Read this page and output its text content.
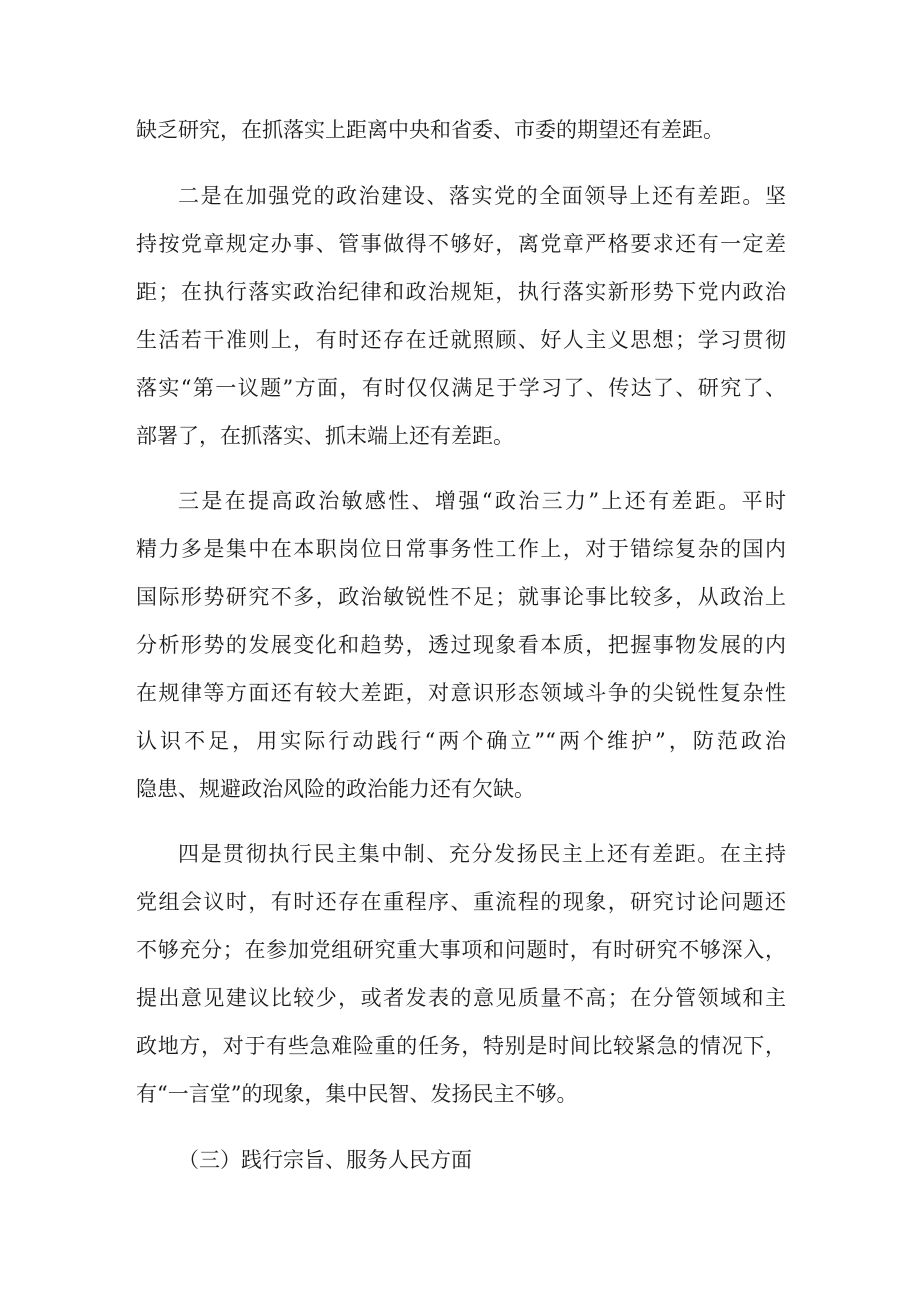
缺乏研究，在抓落实上距离中央和省委、市委的期望还有差距。
二是在加强党的政治建设、落实党的全面领导上还有差距。坚
持按党章规定办事、管事做得不够好，离党章严格要求还有一定差
距；在执行落实政治纪律和政治规矩，执行落实新形势下党内政治
生活若干准则上，有时还存在迁就照顾、好人主义思想；学习贯彻
落实“第一议题”方面，有时仅仅满足于学习了、传达了、研究了、
部署了，在抓落实、抓末端上还有差距。
三是在提高政治敏感性、增强“政治三力”上还有差距。平时
精力多是集中在本职岗位日常事务性工作上，对于错综复杂的国内
国际形势研究不多，政治敏锐性不足；就事论事比较多，从政治上
分析形势的发展变化和趋势，透过现象看本质，把握事物发展的内
在规律等方面还有较大差距，对意识形态领域斗争的尖锐性复杂性
认识不足，用实际行动践行“两个确立”“两个维护”，防范政治
隐患、规避政治风险的政治能力还有欠缺。
四是贯彻执行民主集中制、充分发扬民主上还有差距。在主持
党组会议时，有时还存在重程序、重流程的现象，研究讨论问题还
不够充分；在参加党组研究重大事项和问题时，有时研究不够深入，
提出意见建议比较少，或者发表的意见质量不高；在分管领域和主
政地方，对于有些急难险重的任务，特别是时间比较紧急的情况下，
有“一言堂”的现象，集中民智、发扬民主不够。
（三）践行宗旨、服务人民方面
